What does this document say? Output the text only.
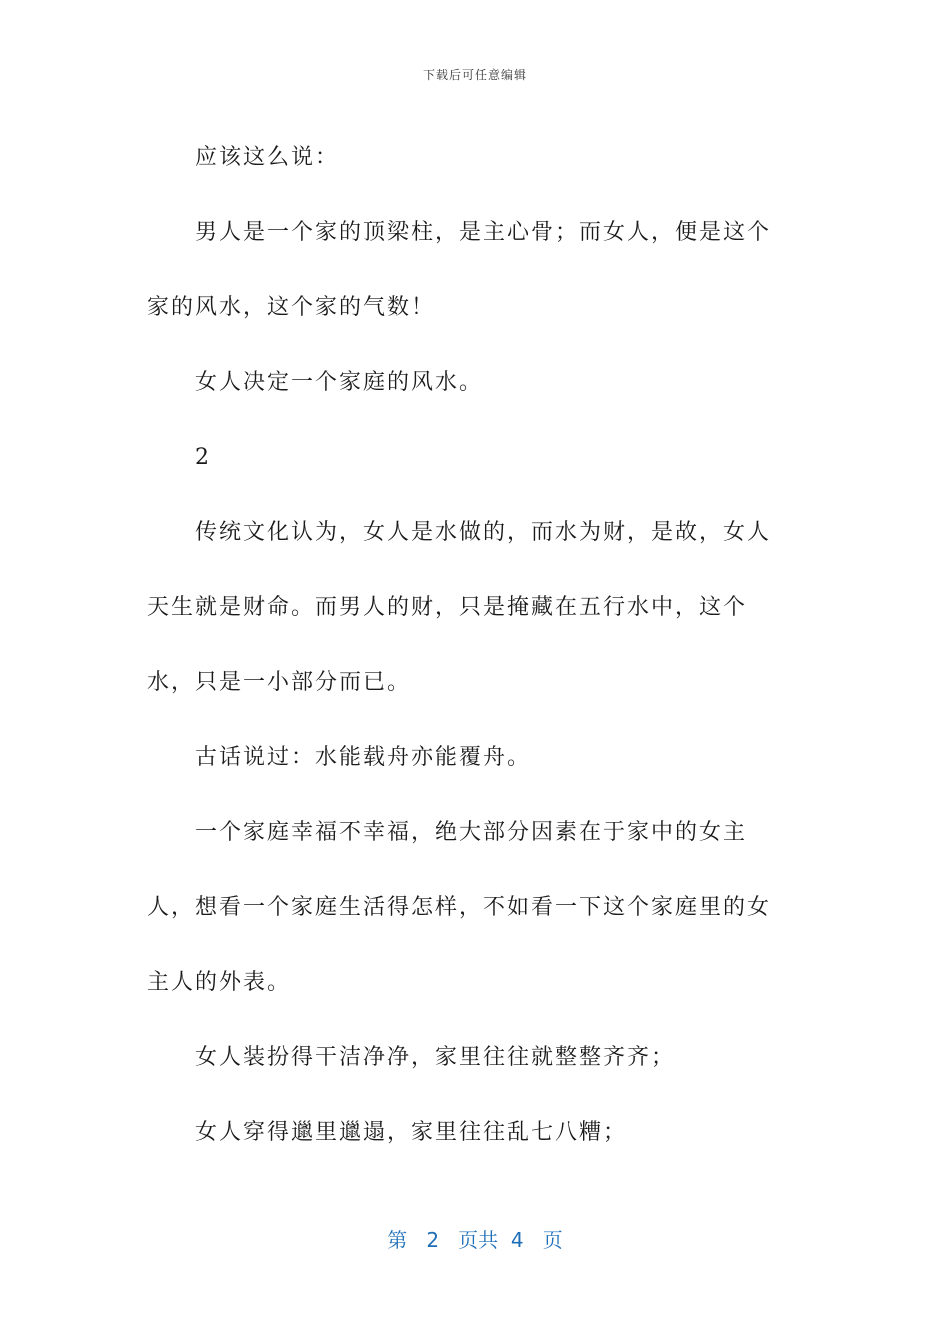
下载后可任意编辑

应该这么说：

男人是一个家的顶梁柱，是主心骨；而女人，便是这个家的风水，这个家的气数！

女人决定一个家庭的风水。

2

传统文化认为，女人是水做的，而水为财，是故，女人天生就是财命。而男人的财，只是掩藏在五行水中，这个水，只是一小部分而已。

古话说过：水能载舟亦能覆舟。

一个家庭幸福不幸福，绝大部分因素在于家中的女主人，想看一个家庭生活得怎样，不如看一下这个家庭里的女主人的外表。

女人装扮得干洁净净，家里往往就整整齐齐；

女人穿得邋里邋遢，家里往往乱七八糟；

第 2 页共 4 页
